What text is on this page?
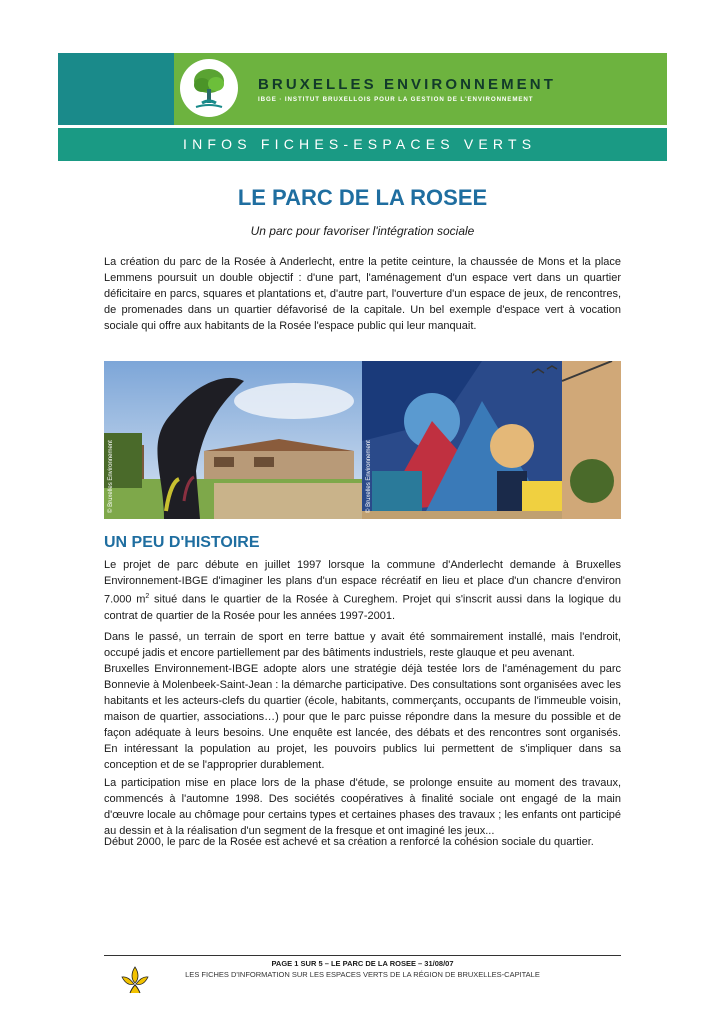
BRUXELLES ENVIRONNEMENT
IBGE · INSTITUT BRUXELLOIS POUR LA GESTION DE L'ENVIRONNEMENT
INFOS FICHES-ESPACES VERTS
LE PARC DE LA ROSEE

Un parc pour favoriser l'intégration sociale

La création du parc de la Rosée à Anderlecht, entre la petite ceinture, la chaussée de Mons et la place Lemmens poursuit un double objectif : d'une part, l'aménagement d'un espace vert dans un quartier déficitaire en parcs, squares et plantations et, d'autre part, l'ouverture d'un espace de jeux, de rencontres, de promenades dans un quartier défavorisé de la capitale. Un bel exemple d'espace vert à vocation sociale qui offre aux habitants de la Rosée l'espace public qui leur manquait.

© Bruxelles Environnement	© Bruxelles Environnement
UN PEU D'HISTOIRE

Le projet de parc débute en juillet 1997 lorsque la commune d'Anderlecht demande à Bruxelles Environnement-IBGE d'imaginer les plans d'un espace récréatif en lieu et place d'un chancre d'environ 7.000 $m^2$ situé dans le quartier de la Rosée à Cureghem. Projet qui s'inscrit aussi dans la logique du contrat de quartier de la Rosée pour les années 1997-2001.

Dans le passé, un terrain de sport en terre battue y avait été sommairement installé, mais l'endroit, occupé jadis et encore partiellement par des bâtiments industriels, reste glauque et peu avenant.

Bruxelles Environnement-IBGE adopte alors une stratégie déjà testée lors de l'aménagement du parc Bonnevie à Molenbeek-Saint-Jean : la démarche participative. Des consultations sont organisées avec les habitants et les acteurs-clefs du quartier (école, habitants, commerçants, occupants de l'immeuble voisin, maison de quartier, associations…) pour que le parc puisse répondre dans la mesure du possible et de façon adéquate à leurs besoins. Une enquête est lancée, des débats et des rencontres sont organisés. En intéressant la population au projet, les pouvoirs publics lui permettent de s'impliquer dans sa conception et de se l'approprier durablement.

La participation mise en place lors de la phase d'étude, se prolonge ensuite au moment des travaux, commencés à l'automne 1998. Des sociétés coopératives à finalité sociale ont engagé de la main d'œuvre locale au chômage pour certains types et certaines phases des travaux ; les enfants ont participé au dessin et à la réalisation d'un segment de la fresque et ont imaginé les jeux...

Début 2000, le parc de la Rosée est achevé et sa création a renforcé la cohésion sociale du quartier.

PAGE 1 SUR 5 – LE PARC DE LA ROSEE – 31/08/07
LES FICHES D'INFORMATION SUR LES ESPACES VERTS DE LA RÉGION DE BRUXELLES-CAPITALE
